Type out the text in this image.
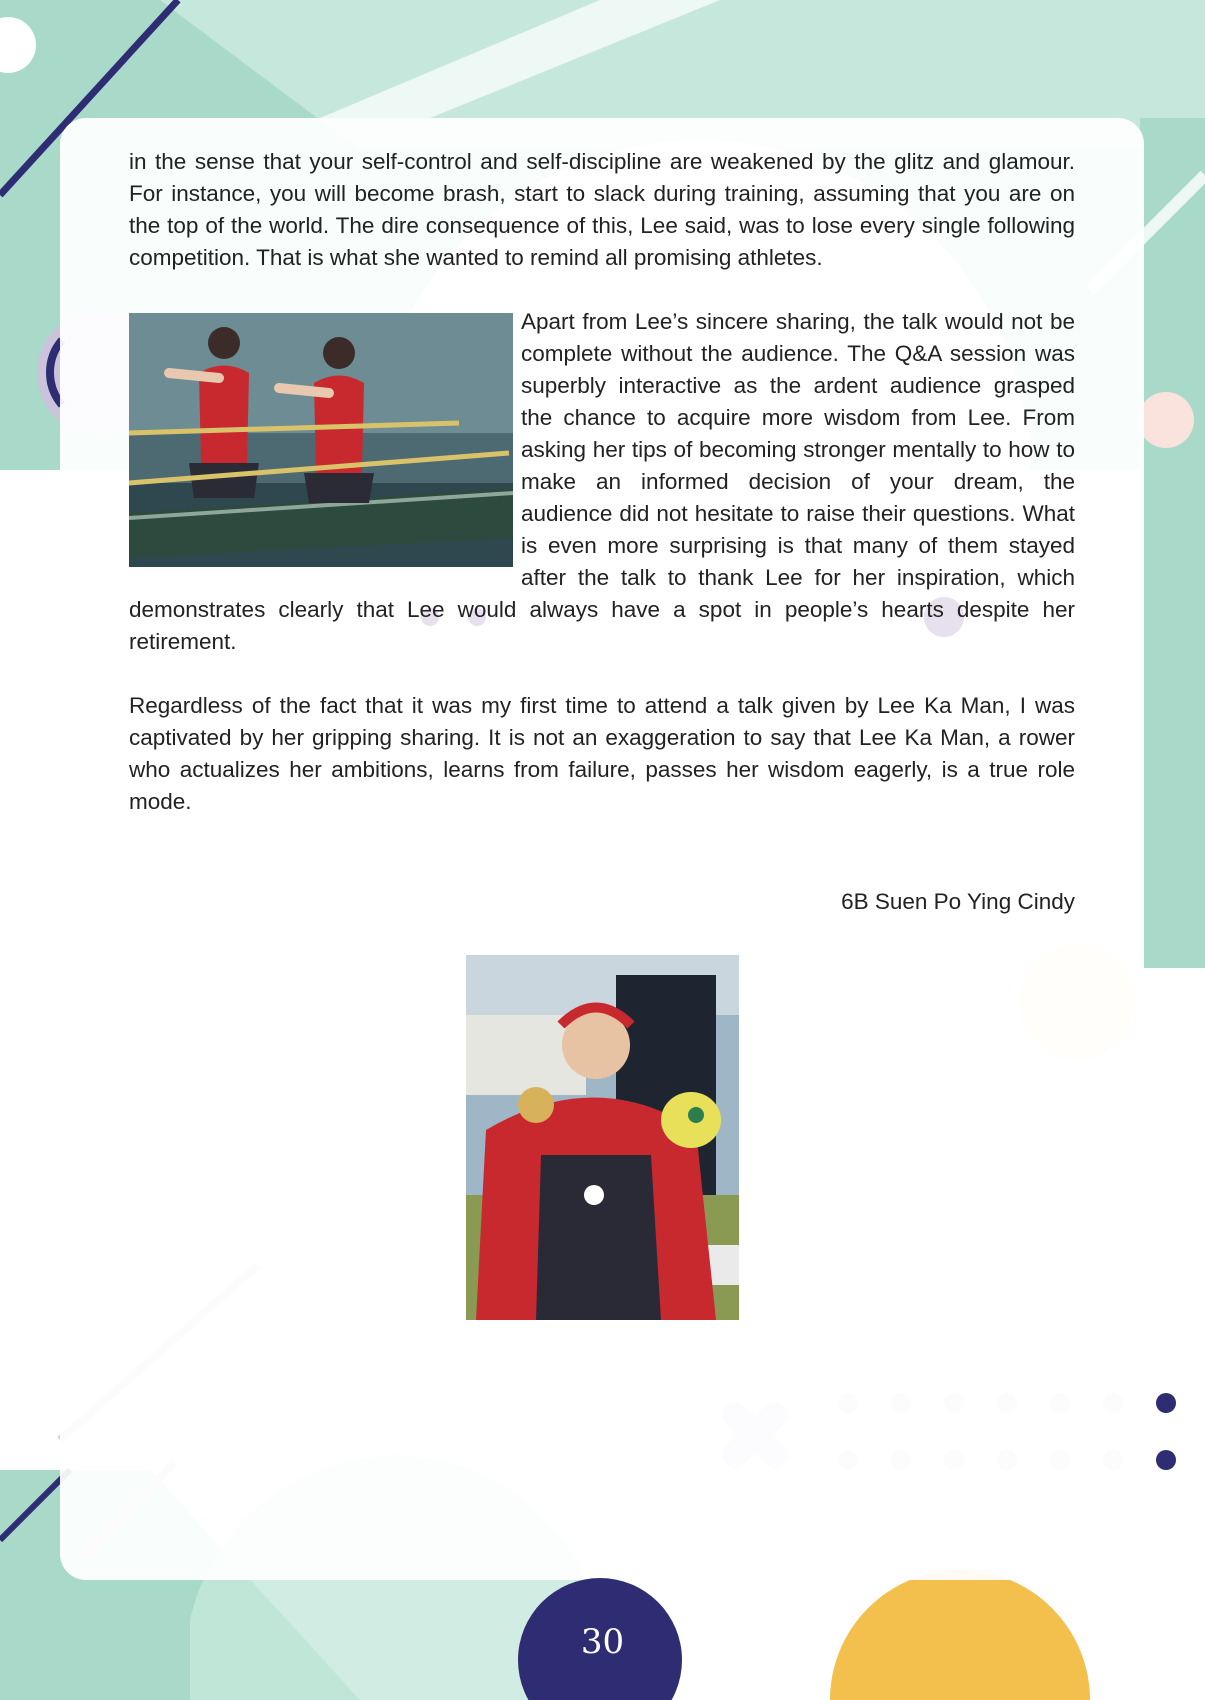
in the sense that your self-control and self-discipline are weakened by the glitz and glamour. For instance, you will become brash, start to slack during training, assuming that you are on the top of the world. The dire consequence of this, Lee said, was to lose every single following competition. That is what she wanted to remind all promising athletes.

Apart from Lee’s sincere sharing, the talk would not be complete without the audience. The Q&A session was superbly interactive as the ardent audience grasped the chance to acquire more wisdom from Lee. From asking her tips of becoming stronger mentally to how to make an informed decision of your dream, the audience did not hesitate to raise their questions. What is even more surprising is that many of them stayed after the talk to thank Lee for her inspiration, which demonstrates clearly that Lee would always have a spot in people’s hearts despite her retirement.

Regardless of the fact that it was my first time to attend a talk given by Lee Ka Man, I was captivated by her gripping sharing. It is not an exaggeration to say that Lee Ka Man, a rower who actualizes her ambitions, learns from failure, passes her wisdom eagerly, is a true role mode.

6B Suen Po Ying Cindy
30
